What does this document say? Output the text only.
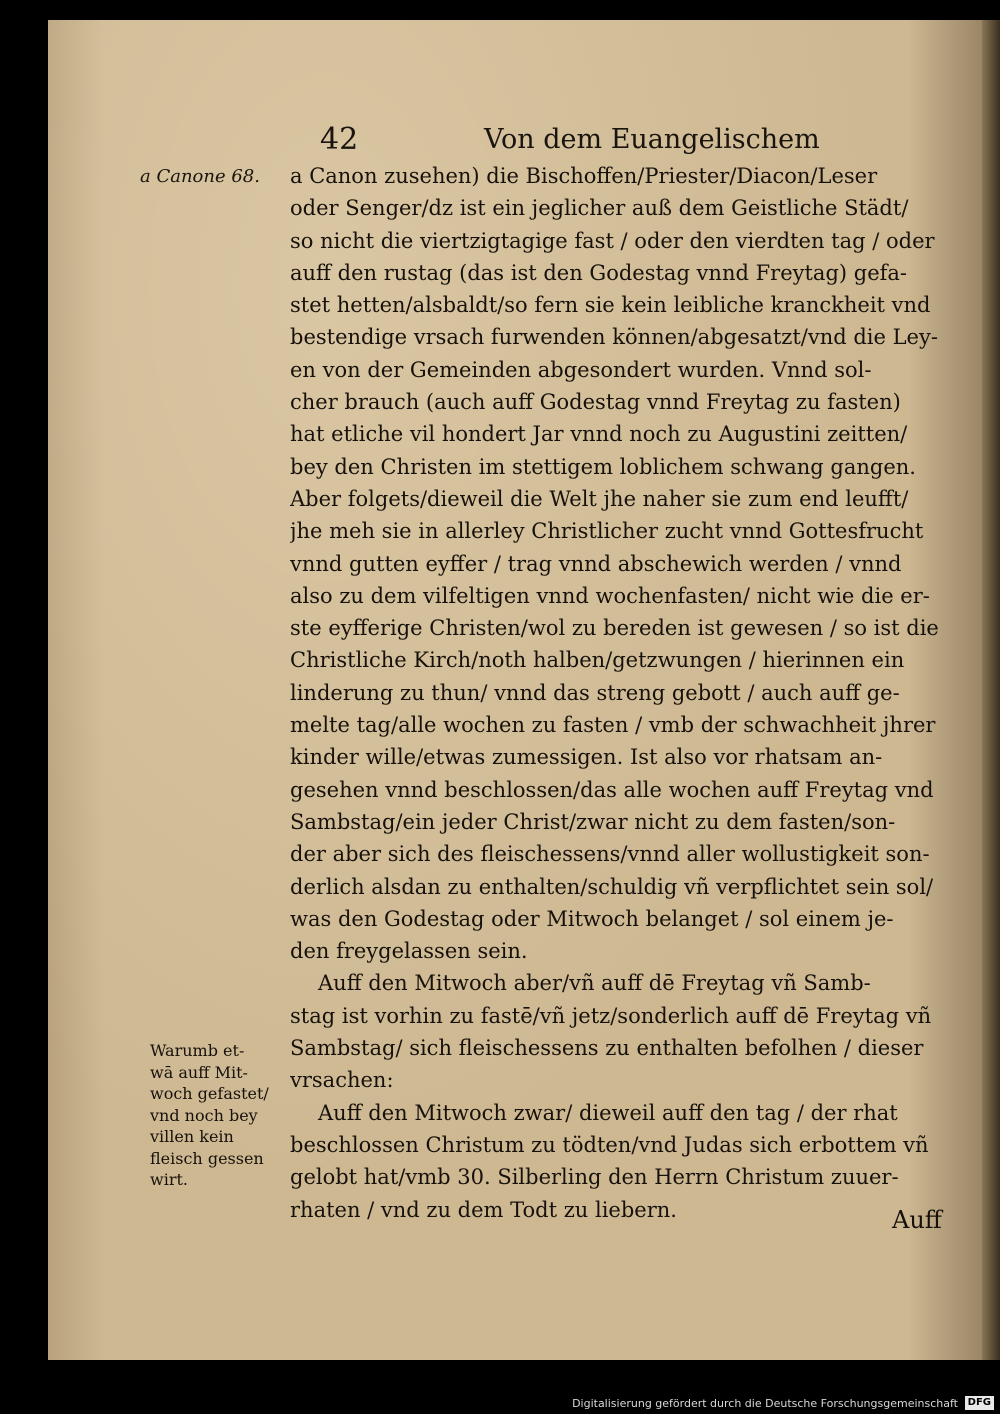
42	Von dem Euangelischem
a Canone 68. a Canon zusehen) die Bischoffen/Priester/Diacon/Leser
oder Senger/dz ist ein jeglicher auß dem Geistliche Städt/
so nicht die viertzigtagige fast / oder den vierdten tag / oder
auff den rustag (das ist den Godestag vnnd Freytag) gefa-
stet hetten/alsbaldt/so fern sie kein leibliche kranckheit vnd
bestendige vrsach furwenden können/abgesatzt/vnd die Ley-
en von der Gemeinden abgesondert wurden. Vnnd sol-
cher brauch (auch auff Godestag vnnd Freytag zu fasten)
hat etliche vil hondert Jar vnnd noch zu Augustini zeitten/
bey den Christen im stettigem loblichem schwang gangen.
Aber folgets/dieweil die Welt jhe naher sie zum end leufft/
jhe meh sie in allerley Christlicher zucht vnnd Gottesfrucht
vnnd gutten eyffer / trag vnnd abschewich werden / vnnd
also zu dem vilfeltigen vnnd wochenfasten/ nicht wie die er-
ste eyfferige Christen/wol zu bereden ist gewesen / so ist die
Christliche Kirch/noth halben/getzwungen / hierinnen ein
linderung zu thun/ vnnd das streng gebott / auch auff ge-
melte tag/alle wochen zu fasten / vmb der schwachheit jhrer
kinder wille/etwas zumessigen. Ist also vor rhatsam an-
gesehen vnnd beschlossen/das alle wochen auff Freytag vnd
Sambstag/ein jeder Christ/zwar nicht zu dem fasten/son-
der aber sich des fleischessens/vnnd aller wollustigkeit son-
derlich alsdan zu enthalten/schuldig vñ verpflichtet sein sol/
was den Godestag oder Mitwoch belanget / sol einem je-
den freygelassen sein.
Auff den Mitwoch aber/vñ auff dē Freytag vñ Samb-
stag ist vorhin zu fastē/vñ jetz/sonderlich auff dē Freytag vñ
Sambstag/ sich fleischessens zu enthalten befolhen / dieser
vrsachen:
Auff den Mitwoch zwar/ dieweil auff den tag / der rhat
beschlossen Christum zu tödten/vnd Judas sich erbottem vñ
gelobt hat/vmb 30. Silberling den Herrn Christum zuuer-
rhaten / vnd zu dem Todt zu liebern.
Warumb et-
wā auff Mit-
woch gefastet/
vnd noch bey
villen kein
fleisch gessen
wirt.
Auff
Digitalisierung gefördert durch die Deutsche Forschungsgemeinschaft DFG
